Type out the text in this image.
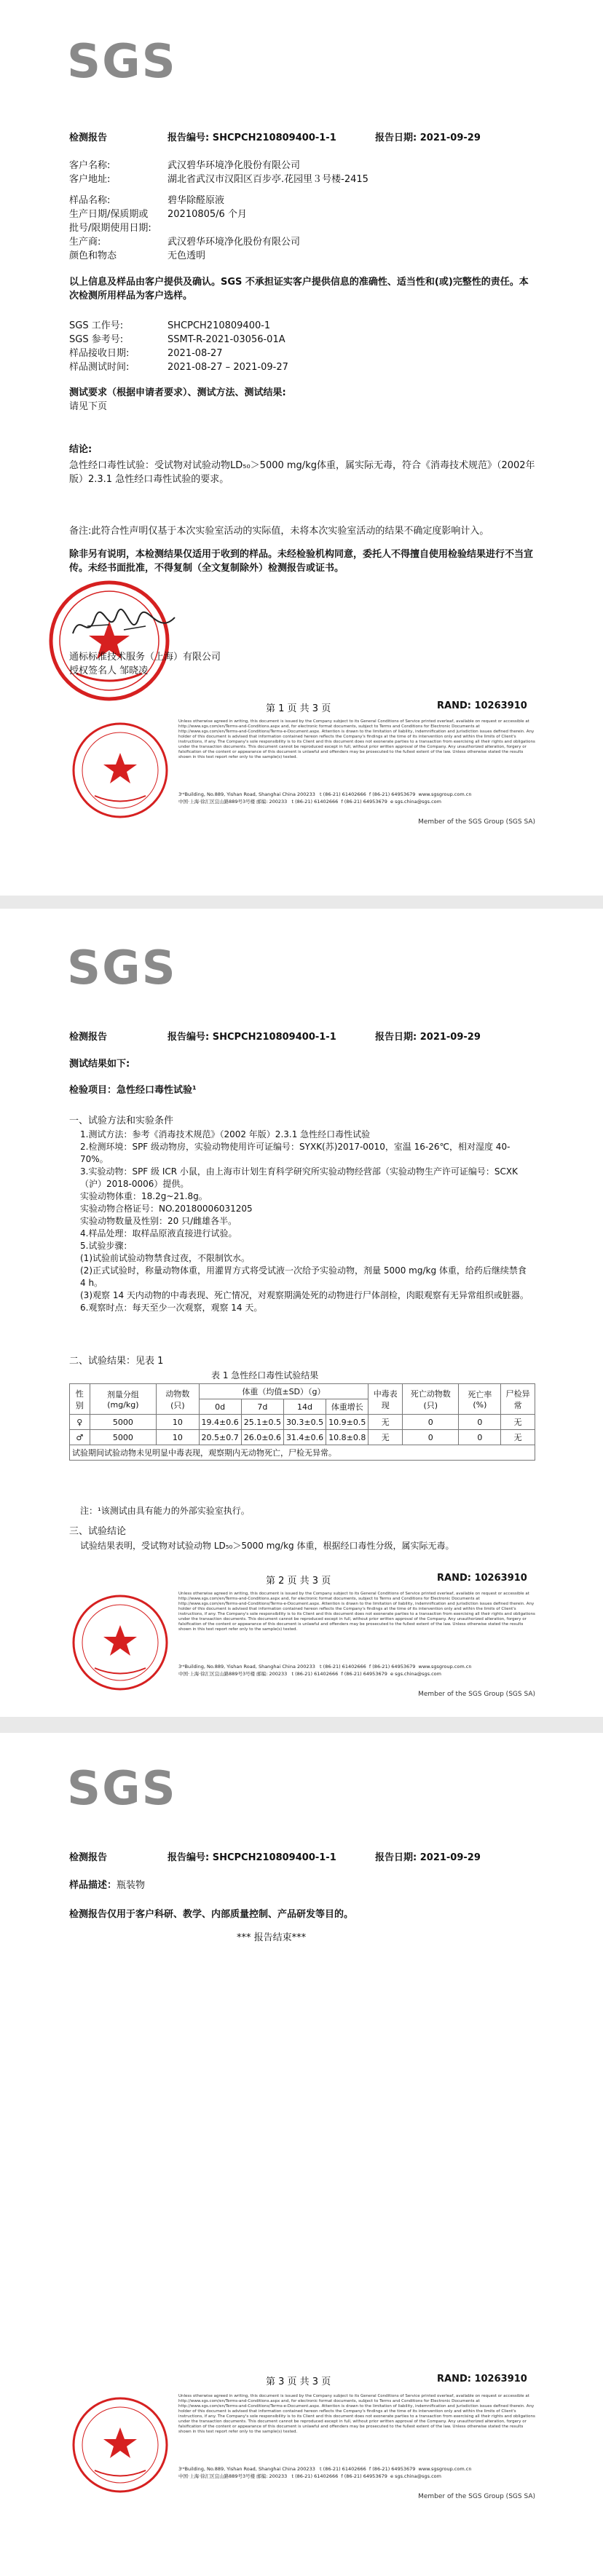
SGS
检测报告	报告编号: SHCPCH210809400-1-1	报告日期: 2021-09-29
客户名称:	武汉碧华环境净化股份有限公司
客户地址:	湖北省武汉市汉阳区百步亭.花园里３号楼-2415
样品名称:	碧华除醛原液
生产日期/保质期或 20210805/6 个月
批号/限期使用日期:
生产商:	武汉碧华环境净化股份有限公司
颜色和物态	无色透明
以上信息及样品由客户提供及确认。SGS 不承担证实客户提供信息的准确性、适当性和(或)完整性的责任。本次检测所用样品为客户选样。
SGS 工作号:	SHCPCH210809400-1
SGS 参考号:	SSMT-R-2021-03056-01A
样品接收日期:	2021-08-27
样品测试时间:	2021-08-27 – 2021-09-27
测试要求（根据申请者要求）、测试方法、测试结果:
请见下页
结论:
急性经口毒性试验：受试物对试验动物LD₅₀＞5000 mg/kg体重，属实际无毒，符合《消毒技术规范》（2002年版）2.3.1 急性经口毒性试验的要求。
备注:此符合性声明仅基于本次实验室活动的实际值，未将本次实验室活动的结果不确定度影响计入。
除非另有说明，本检测结果仅适用于收到的样品。未经检验机构同意，委托人不得擅自使用检验结果进行不当宣传。未经书面批准，不得复制（全文复制除外）检测报告或证书。
通标标准技术服务（上海）有限公司
授权签名人 邹晓凌
第 1 页 共 3 页	RAND: 10263910
Unless otherwise agreed in writing, this document is issued by the Company subject to its General Conditions of Service printed overleaf, available on request or accessible at http://www.sgs.com/en/Terms-and-Conditions.aspx and, for electronic format documents, subject to Terms and Conditions for Electronic Documents at http://www.sgs.com/en/Terms-and-Conditions/Terms-e-Document.aspx. Attention is drawn to the limitation of liability, indemnification and jurisdiction issues defined therein. Any holder of this document is advised that information contained hereon reflects the Company's findings at the time of its intervention only and within the limits of Client's instructions, if any. The Company's sole responsibility is to its Client and this document does not exonerate parties to a transaction from exercising all their rights and obligations under the transaction documents. This document cannot be reproduced except in full, without prior written approval of the Company. Any unauthorized alteration, forgery or falsification of the content or appearance of this document is unlawful and offenders may be prosecuted to the fullest extent of the law. Unless otherwise stated the results shown in this test report refer only to the sample(s) tested.
3ʳᵈBuilding, No.889, Yishan Road, Shanghai China 200233 t (86-21) 61402666 f (86-21) 64953679 www.sgsgroup.com.cn
中国·上海·徐汇区宜山路889号3号楼 邮编: 200233 t (86-21) 61402666 f (86-21) 64953679 e sgs.china@sgs.com
Member of the SGS Group (SGS SA)
SGS
检测报告	报告编号: SHCPCH210809400-1-1	报告日期: 2021-09-29
测试结果如下:
检验项目：急性经口毒性试验¹
一、试验方法和实验条件
1.测试方法：参考《消毒技术规范》（2002 年版）2.3.1 急性经口毒性试验
2.检测环境：SPF 级动物房，实验动物使用许可证编号：SYXK(苏)2017-0010，室温 16-26℃，相对湿度 40-70%。
3.实验动物：SPF 级 ICR 小鼠，由上海市计划生育科学研究所实验动物经营部（实验动物生产许可证编号：SCXK（沪）2018-0006）提供。
实验动物体重：18.2g~21.8g。
实验动物合格证号：NO.20180006031205
实验动物数量及性别：20 只/雌雄各半。
4.样品处理：取样品原液直接进行试验。
5.试验步骤：
(1)试验前试验动物禁食过夜，不限制饮水。
(2)正式试验时，称量动物体重，用灌胃方式将受试液一次给予实验动物，剂量 5000 mg/kg 体重，给药后继续禁食 4 h。
(3)观察 14 天内动物的中毒表现、死亡情况，对观察期满处死的动物进行尸体剖检，肉眼观察有无异常组织或脏器。
6.观察时点：每天至少一次观察，观察 14 天。
二、试验结果：见表 1
表 1 急性经口毒性试验结果
性别	剂量分组 (mg/kg)	动物数 (只)	体重（均值±SD）（g）				中毒表现	死亡动物数 (只)	死亡率 (%)	尸检异常
			0d	7d	14d	体重增长				
♀	5000	10	19.4±0.6	25.1±0.5	30.3±0.5	10.9±0.5	无	0	0	无
♂	5000	10	20.5±0.7	26.0±0.6	31.4±0.6	10.8±0.8	无	0	0	无
试验期间试验动物未见明显中毒表现，观察期内无动物死亡，尸检无异常。										
注：¹该测试由具有能力的外部实验室执行。
三、试验结论
试验结果表明，受试物对试验动物 LD₅₀＞5000 mg/kg 体重，根据经口毒性分级，属实际无毒。
第 2 页 共 3 页	RAND: 10263910
Unless otherwise agreed in writing, this document is issued by the Company subject to its General Conditions of Service printed overleaf, available on request or accessible at http://www.sgs.com/en/Terms-and-Conditions.aspx and, for electronic format documents, subject to Terms and Conditions for Electronic Documents at http://www.sgs.com/en/Terms-and-Conditions/Terms-e-Document.aspx. Attention is drawn to the limitation of liability, indemnification and jurisdiction issues defined therein. Any holder of this document is advised that information contained hereon reflects the Company's findings at the time of its intervention only and within the limits of Client's instructions, if any. The Company's sole responsibility is to its Client and this document does not exonerate parties to a transaction from exercising all their rights and obligations under the transaction documents. This document cannot be reproduced except in full, without prior written approval of the Company. Any unauthorized alteration, forgery or falsification of the content or appearance of this document is unlawful and offenders may be prosecuted to the fullest extent of the law. Unless otherwise stated the results shown in this test report refer only to the sample(s) tested.
3ʳᵈBuilding, No.889, Yishan Road, Shanghai China 200233 t (86-21) 61402666 f (86-21) 64953679 www.sgsgroup.com.cn
中国·上海·徐汇区宜山路889号3号楼 邮编: 200233 t (86-21) 61402666 f (86-21) 64953679 e sgs.china@sgs.com
Member of the SGS Group (SGS SA)
SGS
检测报告	报告编号: SHCPCH210809400-1-1	报告日期: 2021-09-29
样品描述：瓶装物
检测报告仅用于客户科研、教学、内部质量控制、产品研发等目的。
*** 报告结束***
第 3 页 共 3 页	RAND: 10263910
Unless otherwise agreed in writing, this document is issued by the Company subject to its General Conditions of Service printed overleaf, available on request or accessible at http://www.sgs.com/en/Terms-and-Conditions.aspx and, for electronic format documents, subject to Terms and Conditions for Electronic Documents at http://www.sgs.com/en/Terms-and-Conditions/Terms-e-Document.aspx. Attention is drawn to the limitation of liability, indemnification and jurisdiction issues defined therein. Any holder of this document is advised that information contained hereon reflects the Company's findings at the time of its intervention only and within the limits of Client's instructions, if any. The Company's sole responsibility is to its Client and this document does not exonerate parties to a transaction from exercising all their rights and obligations under the transaction documents. This document cannot be reproduced except in full, without prior written approval of the Company. Any unauthorized alteration, forgery or falsification of the content or appearance of this document is unlawful and offenders may be prosecuted to the fullest extent of the law. Unless otherwise stated the results shown in this test report refer only to the sample(s) tested.
3ʳᵈBuilding, No.889, Yishan Road, Shanghai China 200233 t (86-21) 61402666 f (86-21) 64953679 www.sgsgroup.com.cn
中国·上海·徐汇区宜山路889号3号楼 邮编: 200233 t (86-21) 61402666 f (86-21) 64953679 e sgs.china@sgs.com
Member of the SGS Group (SGS SA)
